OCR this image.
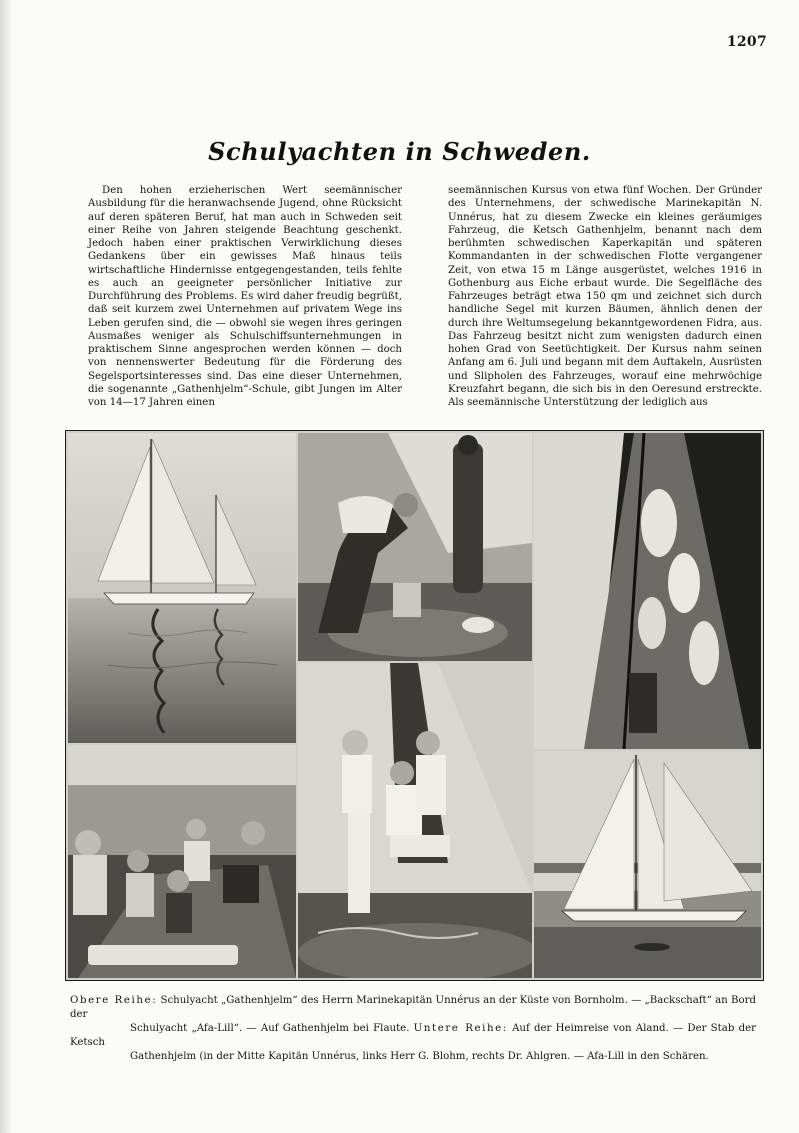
1207
Schulyachten in Schweden.
Den hohen erzieherischen Wert seemännischer Ausbildung für die heranwachsende Jugend, ohne Rücksicht auf deren späteren Beruf, hat man auch in Schweden seit einer Reihe von Jahren steigende Beachtung geschenkt. Jedoch haben einer praktischen Verwirklichung dieses Gedankens über ein gewisses Maß hinaus teils wirtschaftliche Hindernisse entgegengestanden, teils fehlte es auch an geeigneter persönlicher Initiative zur Durchführung des Problems. Es wird daher freudig begrüßt, daß seit kurzem zwei Unternehmen auf privatem Wege ins Leben gerufen sind, die — obwohl sie wegen ihres geringen Ausmaßes weniger als Schulschiffsunternehmungen in praktischem Sinne angesprochen werden können — doch von nennenswerter Bedeutung für die Förderung des Segelsportsinteresses sind. Das eine dieser Unternehmen, die sogenannte „Gathenhjelm“-Schule, gibt Jungen im Alter von 14—17 Jahren einen
seemännischen Kursus von etwa fünf Wochen. Der Gründer des Unternehmens, der schwedische Marinekapitän N. Unnérus, hat zu diesem Zwecke ein kleines geräumiges Fahrzeug, die Ketsch Gathenhjelm, benannt nach dem berühmten schwedischen Kaperkapitän und späteren Kommandanten in der schwedischen Flotte vergangener Zeit, von etwa 15 m Länge ausgerüstet, welches 1916 in Gothenburg aus Eiche erbaut wurde. Die Segelfläche des Fahrzeuges beträgt etwa 150 qm und zeichnet sich durch handliche Segel mit kurzen Bäumen, ähnlich denen der durch ihre Weltumsegelung bekanntgewordenen Fidra, aus. Das Fahrzeug besitzt nicht zum wenigsten dadurch einen hohen Grad von Seetüchtigkeit. Der Kursus nahm seinen Anfang am 6. Juli und begann mit dem Auftakeln, Ausrüsten und Slipholen des Fahrzeuges, worauf eine mehrwöchige Kreuzfahrt begann, die sich bis in den Oeresund erstreckte. Als seemännische Unterstützung der lediglich aus
Obere Reihe: Schulyacht „Gathenhjelm“ des Herrn Marinekapitän Unnérus an der Küste von Bornholm. — „Backschaft“ an Bord der
Schulyacht „Afa-Lill“. — Auf Gathenhjelm bei Flaute. Untere Reihe: Auf der Heimreise von Aland. — Der Stab der Ketsch
Gathenhjelm (in der Mitte Kapitän Unnérus, links Herr G. Blohm, rechts Dr. Ahlgren. — Afa-Lill in den Schären.
